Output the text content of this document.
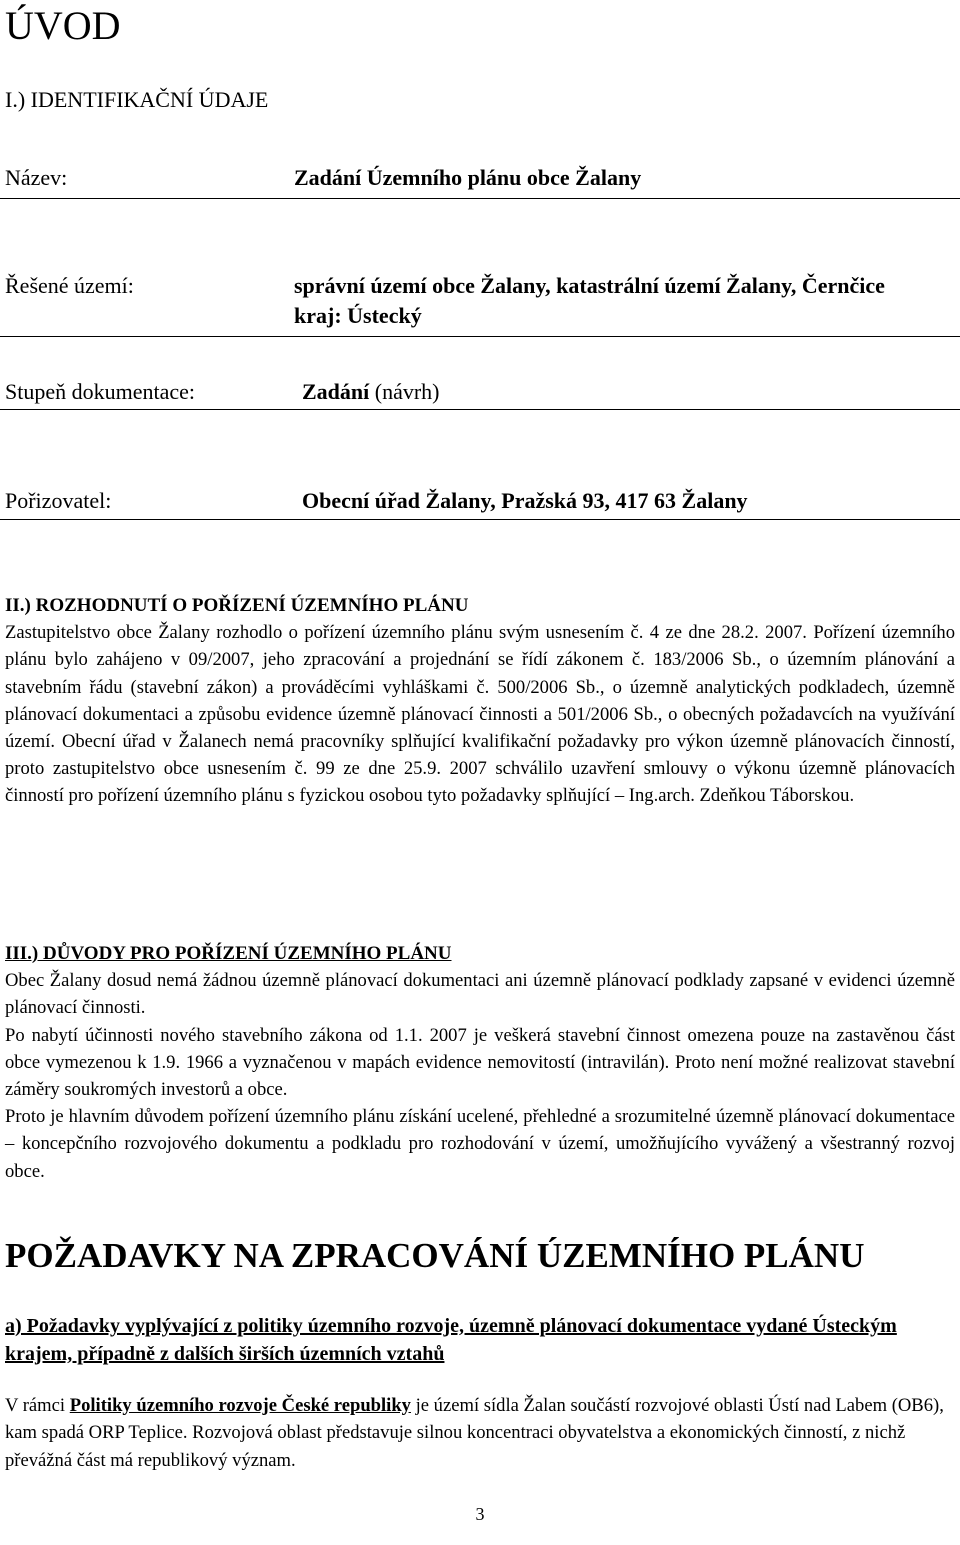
ÚVOD
I.) IDENTIFIKAČNÍ ÚDAJE
Název:	Zadání Územního plánu obce Žalany
Řešené území:	správní území obce Žalany, katastrální území Žalany, Černčice
kraj: Ústecký
Stupeň dokumentace:	Zadání (návrh)
Pořizovatel:	Obecní úřad Žalany, Pražská 93, 417 63 Žalany
II.) ROZHODNUTÍ O POŘÍZENÍ ÚZEMNÍHO PLÁNU

Zastupitelstvo obce Žalany rozhodlo o pořízení územního plánu svým usnesením č. 4 ze dne 28.2. 2007. Pořízení územního plánu bylo zahájeno v 09/2007, jeho zpracování a projednání se řídí zákonem č. 183/2006 Sb., o územním plánování a stavebním řádu (stavební zákon) a prováděcími vyhláškami č. 500/2006 Sb., o územně analytických podkladech, územně plánovací dokumentaci a způsobu evidence územně plánovací činnosti a 501/2006 Sb., o obecných požadavcích na využívání území. Obecní úřad v Žalanech nemá pracovníky splňující kvalifikační požadavky pro výkon územně plánovacích činností, proto zastupitelstvo obce usnesením č. 99 ze dne 25.9. 2007 schválilo uzavření smlouvy o výkonu územně plánovacích činností pro pořízení územního plánu s fyzickou osobou tyto požadavky splňující – Ing.arch. Zdeňkou Táborskou.

III.) DŮVODY PRO POŘÍZENÍ ÚZEMNÍHO PLÁNU

Obec Žalany dosud nemá žádnou územně plánovací dokumentaci ani územně plánovací podklady zapsané v evidenci územně plánovací činnosti.

Po nabytí účinnosti nového stavebního zákona od 1.1. 2007 je veškerá stavební činnost omezena pouze na zastavěnou část obce vymezenou k 1.9. 1966 a vyznačenou v mapách evidence nemovitostí (intravilán). Proto není možné realizovat stavební záměry soukromých investorů a obce.

Proto je hlavním důvodem pořízení územního plánu získání ucelené, přehledné a srozumitelné územně plánovací dokumentace – koncepčního rozvojového dokumentu a podkladu pro rozhodování v území, umožňujícího vyvážený a všestranný rozvoj obce.

POŽADAVKY NA ZPRACOVÁNÍ ÚZEMNÍHO PLÁNU
a) Požadavky vyplývající z politiky územního rozvoje, územně plánovací dokumentace vydané Ústeckým krajem, případně z dalších širších územních vztahů
V rámci Politiky územního rozvoje České republiky je území sídla Žalan součástí rozvojové oblasti Ústí nad Labem (OB6), kam spadá ORP Teplice. Rozvojová oblast představuje silnou koncentraci obyvatelstva a ekonomických činností, z nichž převážná část má republikový význam.
3
